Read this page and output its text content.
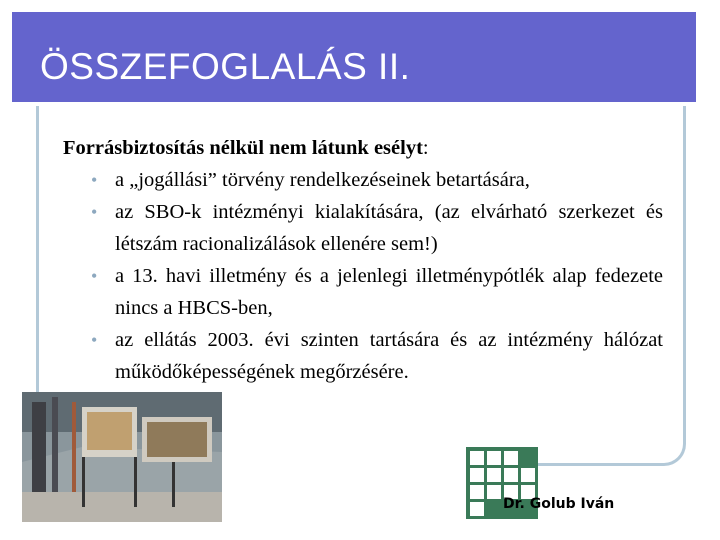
ÖSSZEFOGLALÁS II.

Forrásbiztosítás nélkül nem látunk esélyt:

• a „jogállási” törvény rendelkezéseinek betartására,
• az SBO-k intézményi kialakítására, (az elvárható szerkezet és létszám racionalizálások ellenére sem!)
• a 13. havi illetmény és a jelenlegi illetménypótlék alap fedezete nincs a HBCS-ben,
• az ellátás 2003. évi szinten tartására és az intézmény hálózat működőképességének megőrzésére.
Dr. Golub Iván
